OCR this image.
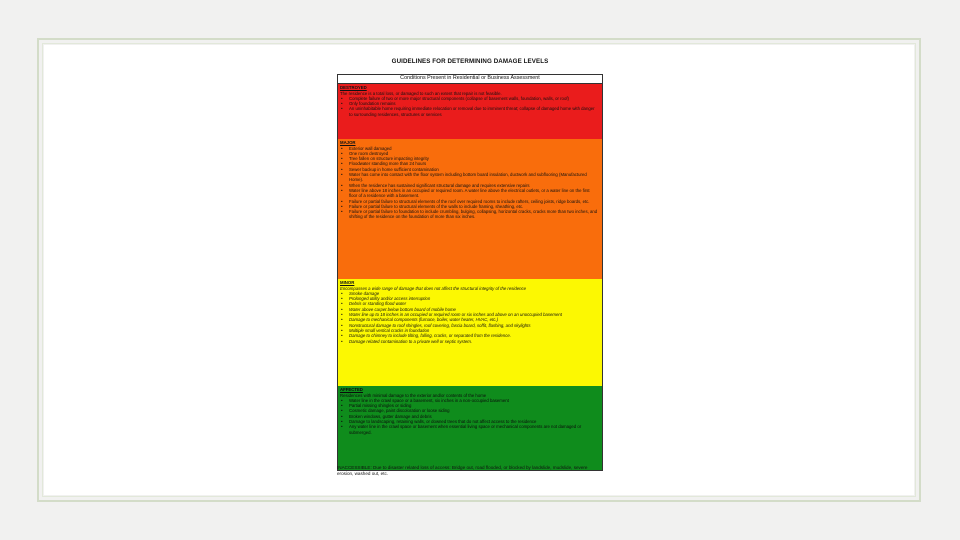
GUIDELINES FOR DETERMINING DAMAGE LEVELS
Conditions Present in Residential or Business Assessment
DESTROYED
The residence is a total loss, or damaged to such an extent that repair is not feasible.
• Complete failure of two or more major structural components (collapse of basement walls, foundation, walls, or roof)
• Only foundation remains
• An uninhabitable home requiring immediate relocation or removal due to imminent threat; collapse of damaged home with danger to surrounding residences, structures or services
MAJOR
• Exterior wall damaged
• One room destroyed
• Tree fallen on structure impacting integrity
• Floodwater standing more than 24 hours
• Sewer backup in home sufficient contamination
• Water has come into contact with the floor system including bottom board insulation, ductwork and subflooring (Manufactured Home).
• When the residence has sustained significant structural damage and requires extensive repairs
• Water line above 18 inches in an occupied or required room. A water line above the electrical outlets, or a water line on the first floor of a residence with a basement.
• Failure or partial failure to structural elements of the roof over required rooms to include rafters, ceiling joists, ridge boards, etc.
• Failure or partial failure to structural elements of the walls to include framing, sheathing, etc.
• Failure or partial failure to foundation to include crumbling, bulging, collapsing, horizontal cracks, cracks more than two inches, and shifting of the residence on the foundation of more than six inches.
MINOR
Encompasses a wide range of damage that does not affect the structural integrity of the residence
• Smoke damage
• Prolonged utility and/or access interruption
• Debris or standing flood water
• Water above carpet below bottom board of mobile home
• Water line up to 18 inches in an occupied or required room or six inches and above on an unoccupied basement
• Damage to mechanical components (furnace, boiler, water heater, HVAC, etc.)
• Nonstructural damage to roof shingles, roof covering, fascia board, soffit, flashing, and skylights
• Multiple small vertical cracks in foundation
• Damage to chimney to include tilting, falling, cracks, or separated from the residence.
• Damage related contamination to a private well or septic system.
AFFECTED
Residences with minimal damage to the exterior and/or contents of the home
• Water line in the crawl space or a basement, six inches in a non-occupied basement
• Partial missing shingles or siding
• Cosmetic damage, paint discoloration or loose siding
• Broken windows, gutter damage and debris
• Damage to landscaping, retaining walls, or downed trees that do not affect access to the residence
• Any water line in the crawl space or basement when essential living space or mechanical components are not damaged or submerged.
INACCESSIBLE: Due to disaster related loss of access: Bridge out, road flooded, or blocked by landslide, mudslide, severe erosion, washed out, etc.
